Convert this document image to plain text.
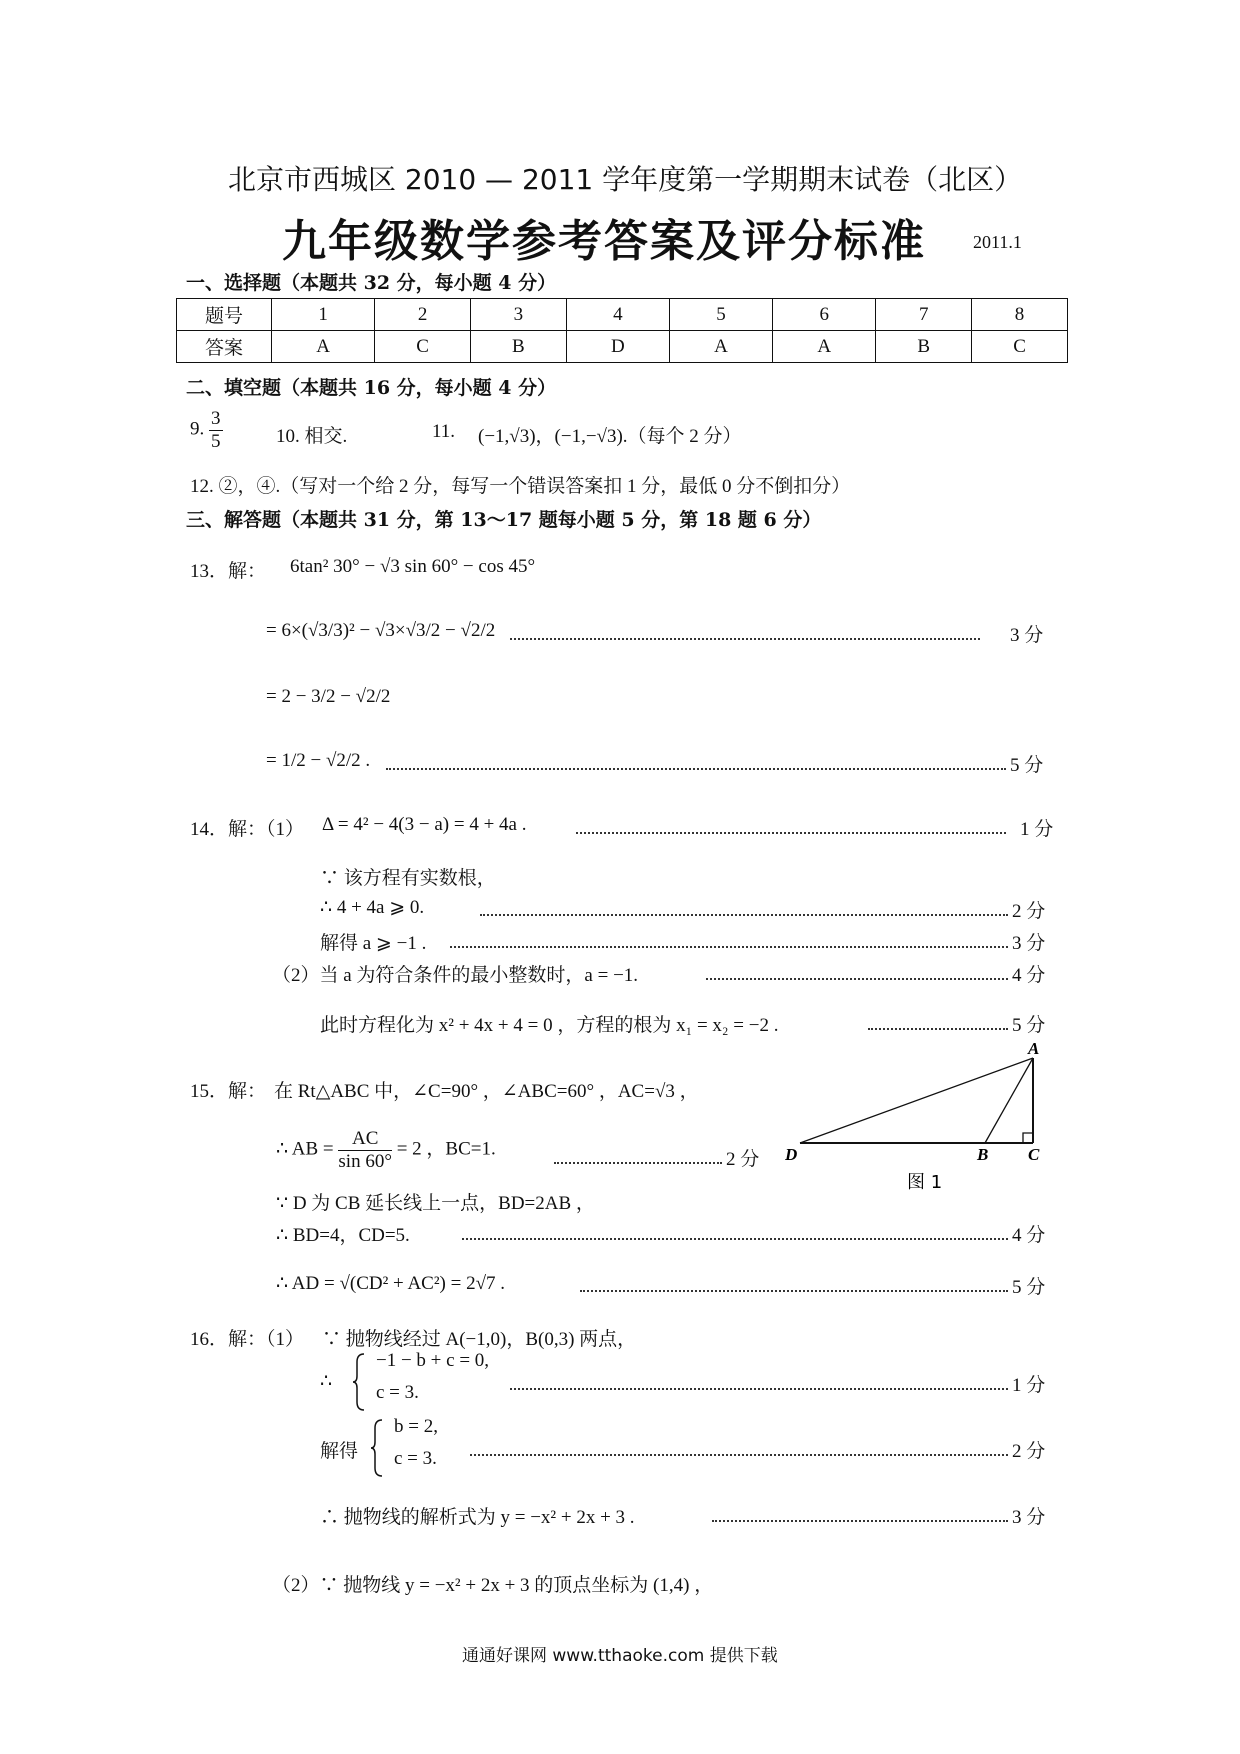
北京市西城区 2010 — 2011 学年度第一学期期末试卷（北区）
九年级数学参考答案及评分标准	2011.1
一、选择题（本题共 32 分，每小题 4 分）
题号	1	2	3	4	5	6	7	8
答案	A	C	B	D	A	A	B	C
二、填空题（本题共 16 分，每小题 4 分）
9. $\frac{3}{5}$	10. 相交.	11. (−1,√3)，(−1,−√3).（每个 2 分）
12. ②，④.（写对一个给 2 分，每写一个错误答案扣 1 分，最低 0 分不倒扣分）
三、解答题（本题共 31 分，第 13～17 题每小题 5 分，第 18 题 6 分）
13．解： 6tan² 30° − √3 sin 60° − cos 45°
= 6×(√3/3)² − √3×√3/2 − √2/2	3 分
= 2 − 3/2 − √2/2
= 1/2 − √2/2 .	5 分
14．解：（1） Δ = 4² − 4(3 − a) = 4 + 4a .	1 分
∵ 该方程有实数根，
∴ 4 + 4a ⩾ 0.	2 分
解得 a ⩾ −1 .	3 分
（2）当 a 为符合条件的最小整数时，a = −1.	4 分
此时方程化为 x² + 4x + 4 = 0 ，方程的根为 x₁ = x₂ = −2 .	5 分
15．解： 在 Rt△ABC 中，∠C=90° ，∠ABC=60° ，AC=√3 ，
∴ AB = $\frac{AC}{\sin 60^\circ} = 2$ ，BC=1.	2 分
∵ D 为 CB 延长线上一点，BD=2AB ，
∴ BD=4，CD=5.	4 分
∴ AD = √(CD² + AC²) = 2√7 .	5 分
A
D	B C
图 1
16．解：（1） ∵ 抛物线经过 A(−1,0)，B(0,3) 两点，
∴
−1 − b + c = 0,
c = 3.	1 分
解得
b = 2,
c = 3.	2 分
∴ 抛物线的解析式为 y = −x² + 2x + 3 .	3 分
（2）∵ 抛物线 y = −x² + 2x + 3 的顶点坐标为 (1,4) ，
通通好课网 www.tthaoke.com 提供下载
